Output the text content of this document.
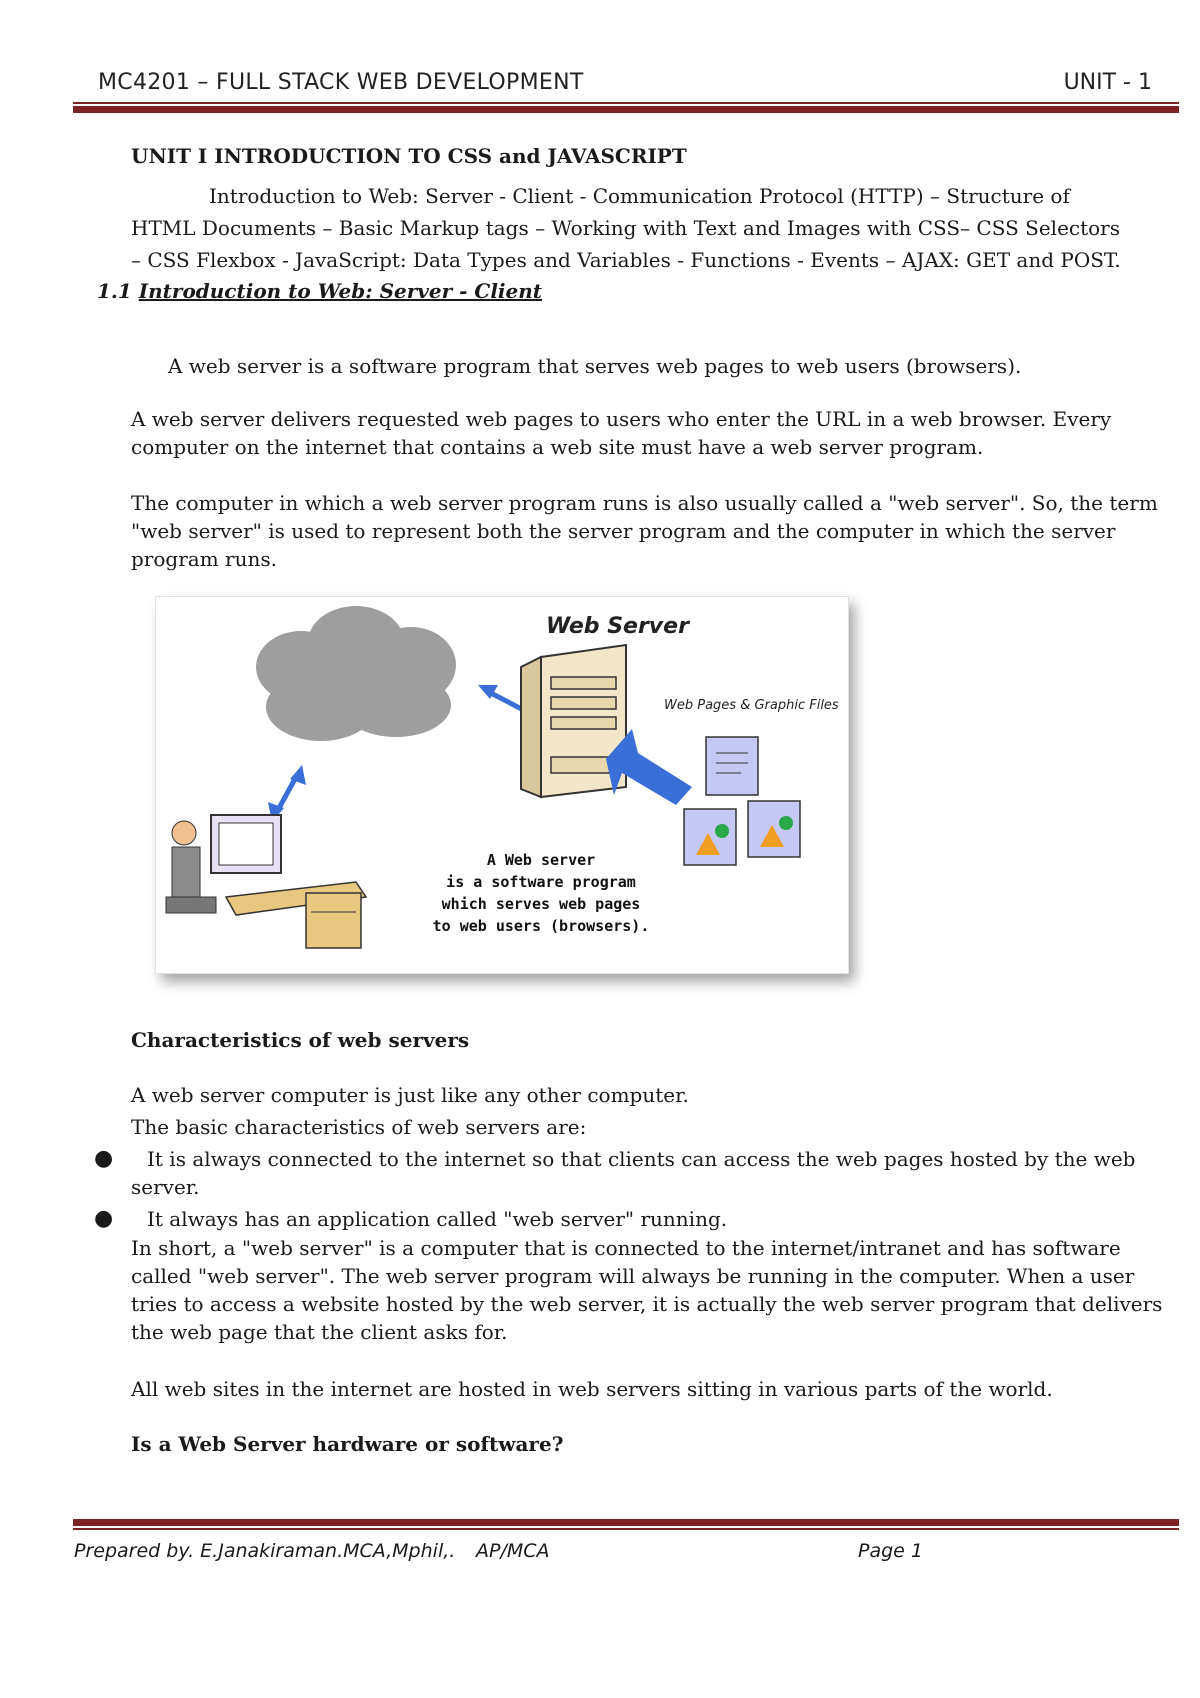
MC4201 – FULL STACK WEB DEVELOPMENT	UNIT - 1
UNIT I INTRODUCTION TO CSS and JAVASCRIPT
Introduction to Web: Server - Client - Communication Protocol (HTTP) – Structure of
HTML Documents – Basic Markup tags – Working with Text and Images with CSS– CSS Selectors
– CSS Flexbox - JavaScript: Data Types and Variables - Functions - Events – AJAX: GET and POST.
1.1 Introduction to Web: Server - Client
A web server is a software program that serves web pages to web users (browsers).
A web server delivers requested web pages to users who enter the URL in a web browser. Every
computer on the internet that contains a web site must have a web server program.
The computer in which a web server program runs is also usually called a "web server". So, the term
"web server" is used to represent both the server program and the computer in which the server
program runs.
Web Server
Web Pages & Graphic Files
A Web server
is a software program
which serves web pages
to web users (browsers).
Characteristics of web servers
A web server computer is just like any other computer.
The basic characteristics of web servers are:
●	It is always connected to the internet so that clients can access the web pages hosted by the web
server.
●	It always has an application called "web server" running.
In short, a "web server" is a computer that is connected to the internet/intranet and has software
called "web server". The web server program will always be running in the computer. When a user
tries to access a website hosted by the web server, it is actually the web server program that delivers
the web page that the client asks for.
All web sites in the internet are hosted in web servers sitting in various parts of the world.
Is a Web Server hardware or software?
Prepared by. E.Janakiraman.MCA,Mphil,. AP/MCA	Page 1
